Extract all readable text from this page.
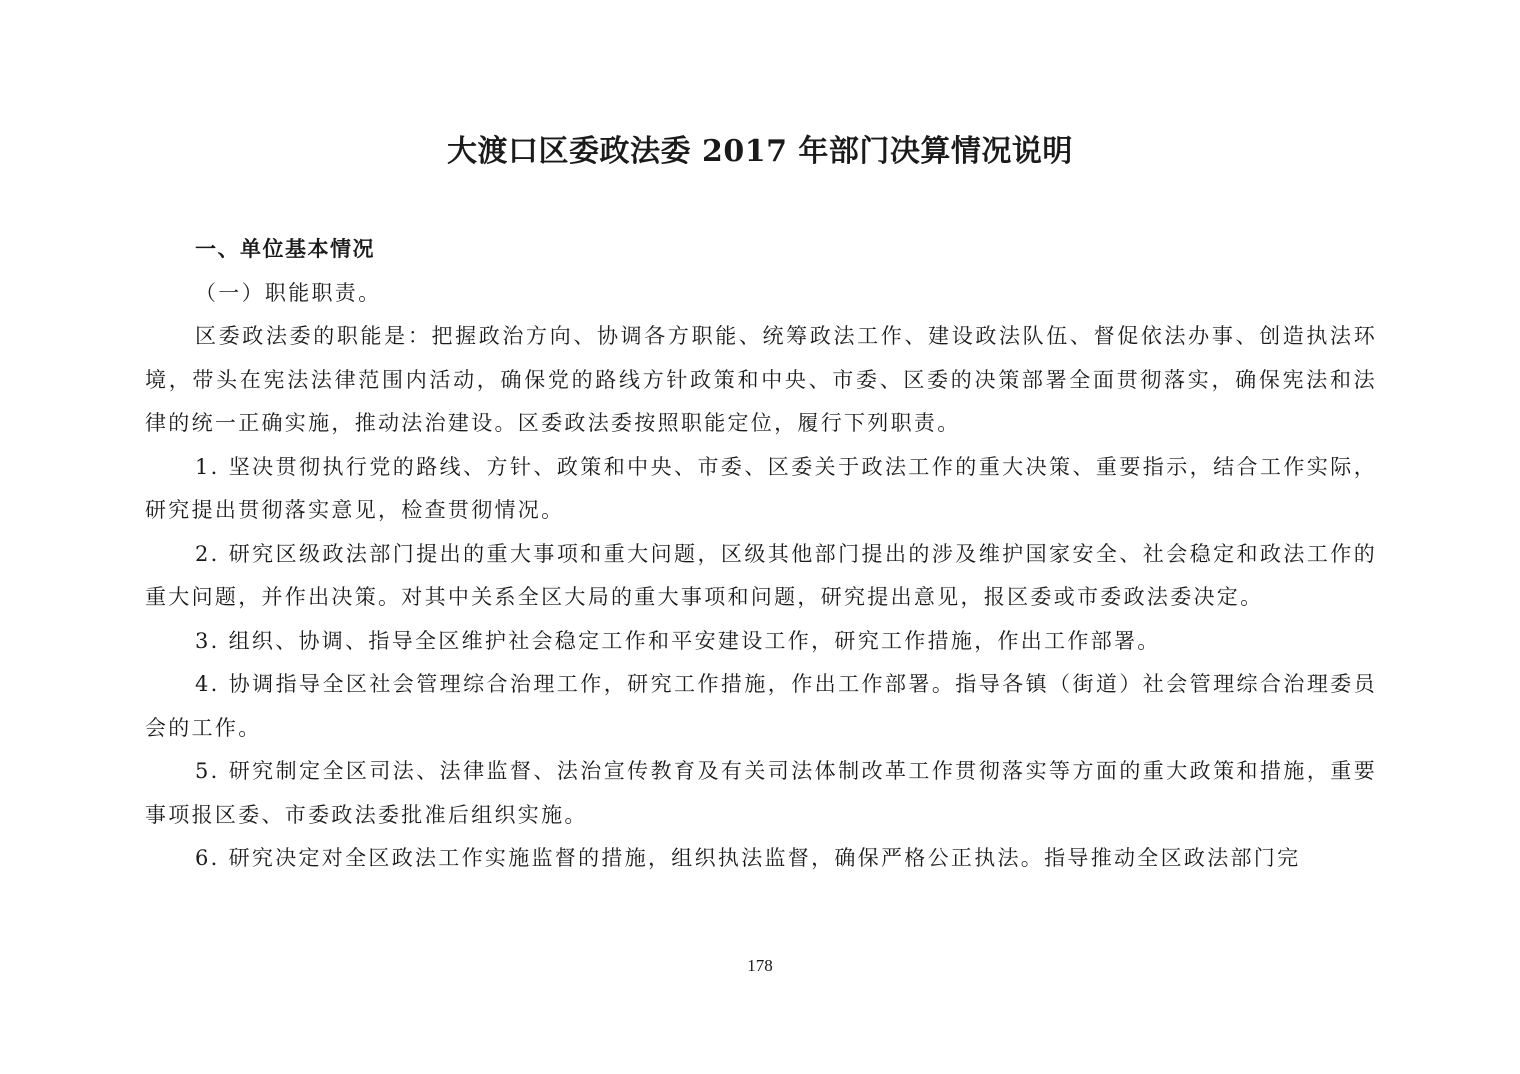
大渡口区委政法委 2017 年部门决算情况说明

一、单位基本情况

（一）职能职责。

区委政法委的职能是：把握政治方向、协调各方职能、统筹政法工作、建设政法队伍、督促依法办事、创造执法环境，带头在宪法法律范围内活动，确保党的路线方针政策和中央、市委、区委的决策部署全面贯彻落实，确保宪法和法律的统一正确实施，推动法治建设。区委政法委按照职能定位，履行下列职责。

1. 坚决贯彻执行党的路线、方针、政策和中央、市委、区委关于政法工作的重大决策、重要指示，结合工作实际，研究提出贯彻落实意见，检查贯彻情况。

2. 研究区级政法部门提出的重大事项和重大问题，区级其他部门提出的涉及维护国家安全、社会稳定和政法工作的重大问题，并作出决策。对其中关系全区大局的重大事项和问题，研究提出意见，报区委或市委政法委决定。

3. 组织、协调、指导全区维护社会稳定工作和平安建设工作，研究工作措施，作出工作部署。

4. 协调指导全区社会管理综合治理工作，研究工作措施，作出工作部署。指导各镇（街道）社会管理综合治理委员会的工作。

5. 研究制定全区司法、法律监督、法治宣传教育及有关司法体制改革工作贯彻落实等方面的重大政策和措施，重要事项报区委、市委政法委批准后组织实施。

6. 研究决定对全区政法工作实施监督的措施，组织执法监督，确保严格公正执法。指导推动全区政法部门完

178
